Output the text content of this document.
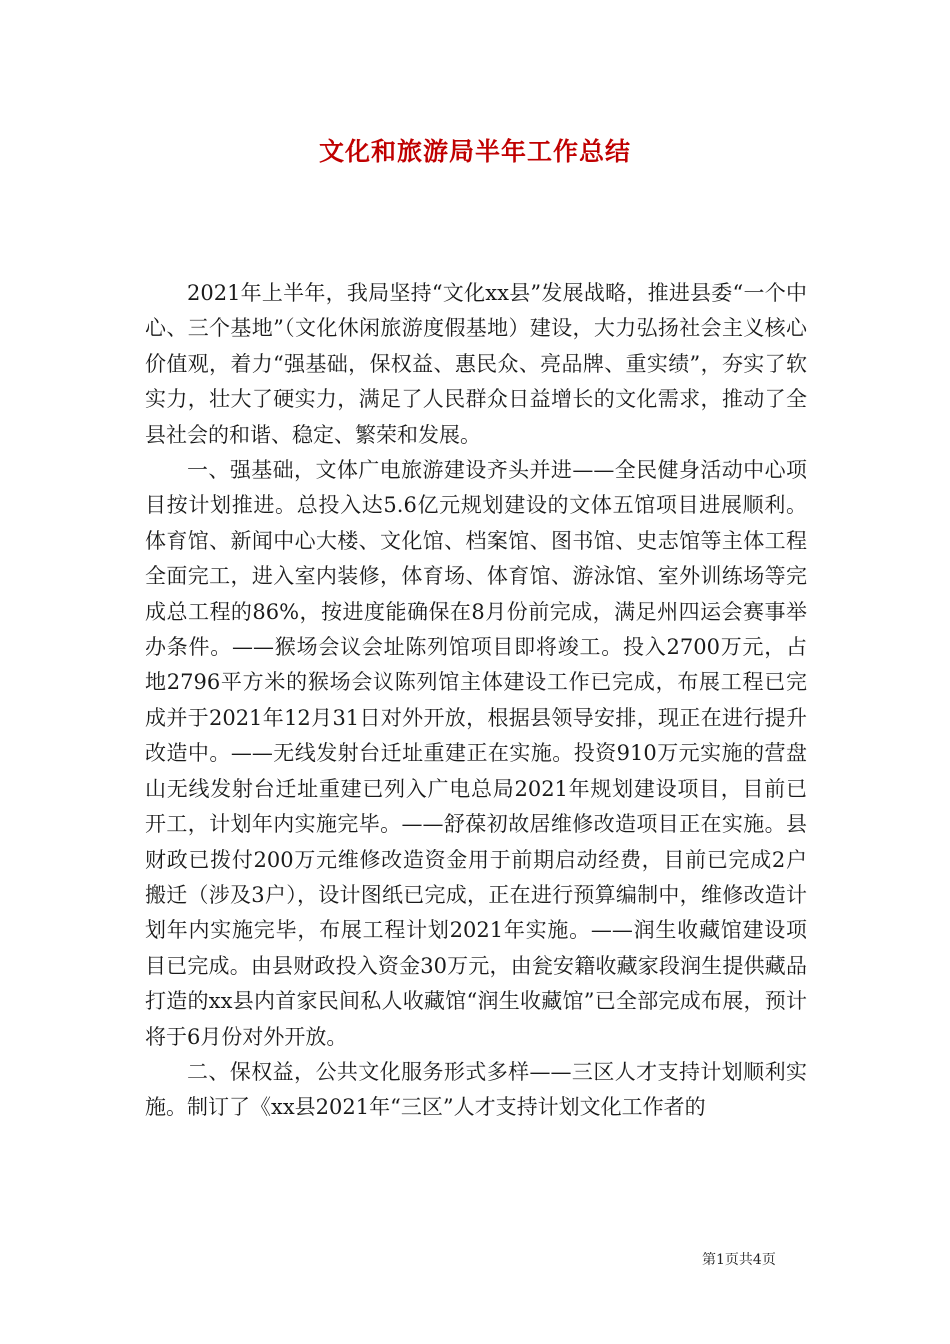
文化和旅游局半年工作总结

2021年上半年，我局坚持“文化xx县”发展战略，推进县委“一个中心、三个基地”（文化休闲旅游度假基地）建设，大力弘扬社会主义核心价值观，着力“强基础，保权益、惠民众、亮品牌、重实绩”，夯实了软实力，壮大了硬实力，满足了人民群众日益增长的文化需求，推动了全县社会的和谐、稳定、繁荣和发展。

一、强基础，文体广电旅游建设齐头并进——全民健身活动中心项目按计划推进。总投入达5.6亿元规划建设的文体五馆项目进展顺利。体育馆、新闻中心大楼、文化馆、档案馆、图书馆、史志馆等主体工程全面完工，进入室内装修，体育场、体育馆、游泳馆、室外训练场等完成总工程的86%，按进度能确保在8月份前完成，满足州四运会赛事举办条件。——猴场会议会址陈列馆项目即将竣工。投入2700万元，占地2796平方米的猴场会议陈列馆主体建设工作已完成，布展工程已完成并于2021年12月31日对外开放，根据县领导安排，现正在进行提升改造中。——无线发射台迁址重建正在实施。投资910万元实施的营盘山无线发射台迁址重建已列入广电总局2021年规划建设项目，目前已开工，计划年内实施完毕。——舒葆初故居维修改造项目正在实施。县财政已拨付200万元维修改造资金用于前期启动经费，目前已完成2户搬迁（涉及3户），设计图纸已完成，正在进行预算编制中，维修改造计划年内实施完毕，布展工程计划2021年实施。——润生收藏馆建设项目已完成。由县财政投入资金30万元，由瓮安籍收藏家段润生提供藏品打造的xx县内首家民间私人收藏馆“润生收藏馆”已全部完成布展，预计将于6月份对外开放。

二、保权益，公共文化服务形式多样——三区人才支持计划顺利实施。制订了《xx县2021年“三区”人才支持计划文化工作者的

第1页共4页
